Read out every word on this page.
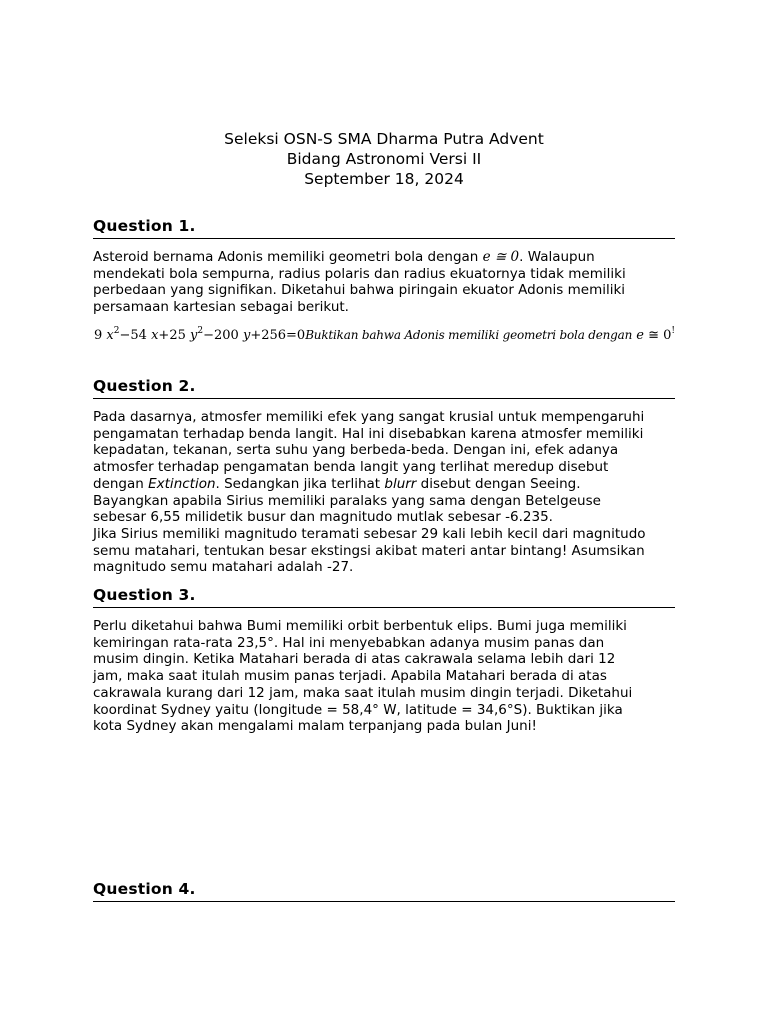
Seleksi OSN-S SMA Dharma Putra Advent
Bidang Astronomi Versi II
September 18, 2024
Question 1.
Asteroid bernama Adonis memiliki geometri bola dengan e ≅ 0. Walaupun
mendekati bola sempurna, radius polaris dan radius ekuatornya tidak memiliki
perbedaan yang signifikan. Diketahui bahwa piringain ekuator Adonis memiliki
persamaan kartesian sebagai berikut.
9 $x^2-54$ x+25 $y^2-200$ y+256=0Buktikan bahwa Adonis memiliki geometri bola dengan e ≅ 0!
Question 2.
Pada dasarnya, atmosfer memiliki efek yang sangat krusial untuk mempengaruhi
pengamatan terhadap benda langit. Hal ini disebabkan karena atmosfer memiliki
kepadatan, tekanan, serta suhu yang berbeda-beda. Dengan ini, efek adanya
atmosfer terhadap pengamatan benda langit yang terlihat meredup disebut
dengan Extinction. Sedangkan jika terlihat blurr disebut dengan Seeing.
Bayangkan apabila Sirius memiliki paralaks yang sama dengan Betelgeuse
sebesar 6,55 milidetik busur dan magnitudo mutlak sebesar -6.235.
Jika Sirius memiliki magnitudo teramati sebesar 29 kali lebih kecil dari magnitudo
semu matahari, tentukan besar ekstingsi akibat materi antar bintang! Asumsikan
magnitudo semu matahari adalah -27.
Question 3.
Perlu diketahui bahwa Bumi memiliki orbit berbentuk elips. Bumi juga memiliki
kemiringan rata-rata 23,5°. Hal ini menyebabkan adanya musim panas dan
musim dingin. Ketika Matahari berada di atas cakrawala selama lebih dari 12
jam, maka saat itulah musim panas terjadi. Apabila Matahari berada di atas
cakrawala kurang dari 12 jam, maka saat itulah musim dingin terjadi. Diketahui
koordinat Sydney yaitu (longitude = 58,4° W, latitude = 34,6°S). Buktikan jika
kota Sydney akan mengalami malam terpanjang pada bulan Juni!
Question 4.
